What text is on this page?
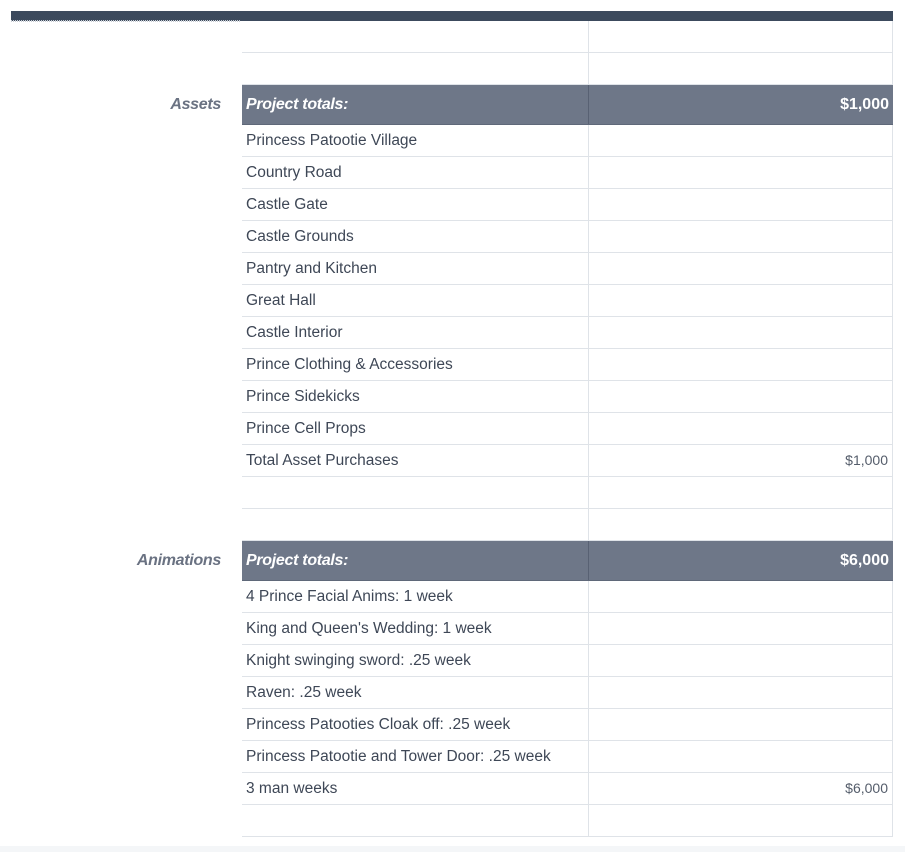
Assets Project totals:	$1,000
Princess Patootie Village
Country Road
Castle Gate
Castle Grounds
Pantry and Kitchen
Great Hall
Castle Interior
Prince Clothing & Accessories
Prince Sidekicks
Prince Cell Props
Total Asset Purchases	$1,000
Animations Project totals:	$6,000
4 Prince Facial Anims: 1 week
King and Queen's Wedding: 1 week
Knight swinging sword: .25 week
Raven: .25 week
Princess Patooties Cloak off: .25 week
Princess Patootie and Tower Door: .25 week
3 man weeks	$6,000
